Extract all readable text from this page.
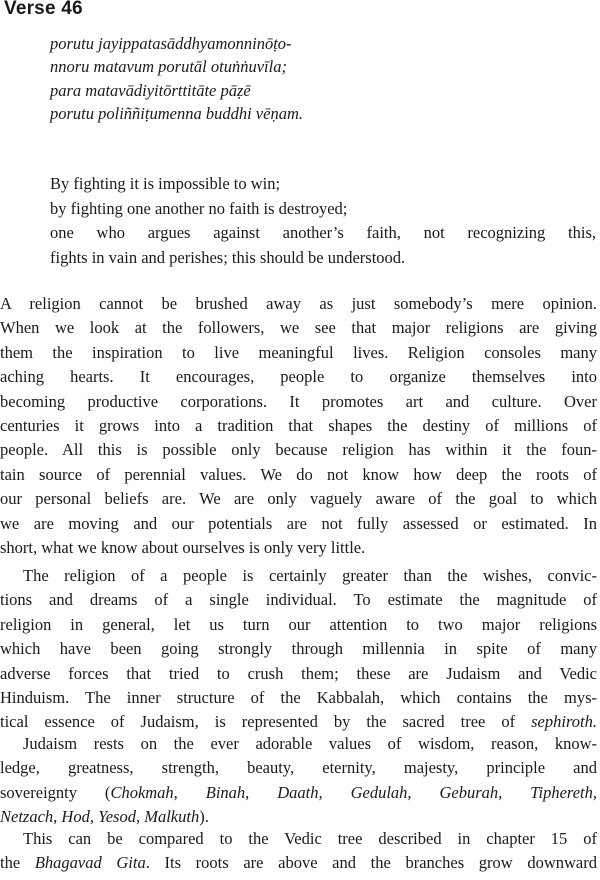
Verse 46
porutu jayippatasāddhyamonninōṭo-
nnoru matavum porutāl otuṅṅuvīla;
para matavādiyitōrttitāte pāẓē
porutu poliññiṭumenna buddhi vēṇam.
By fighting it is impossible to win;
by fighting one another no faith is destroyed;
one who argues against another’s faith, not recognizing this,
fights in vain and perishes; this should be understood.
A religion cannot be brushed away as just somebody’s mere opinion.
When we look at the followers, we see that major religions are giving
them the inspiration to live meaningful lives. Religion consoles many
aching hearts. It encourages, people to organize themselves into
becoming productive corporations. It promotes art and culture. Over
centuries it grows into a tradition that shapes the destiny of millions of
people. All this is possible only because religion has within it the foun-
tain source of perennial values. We do not know how deep the roots of
our personal beliefs are. We are only vaguely aware of the goal to which
we are moving and our potentials are not fully assessed or estimated. In
short, what we know about ourselves is only very little.
The religion of a people is certainly greater than the wishes, convic-
tions and dreams of a single individual. To estimate the magnitude of
religion in general, let us turn our attention to two major religions
which have been going strongly through millennia in spite of many
adverse forces that tried to crush them; these are Judaism and Vedic
Hinduism. The inner structure of the Kabbalah, which contains the mys-
tical essence of Judaism, is represented by the sacred tree of sephiroth.
Judaism rests on the ever adorable values of wisdom, reason, know-
ledge, greatness, strength, beauty, eternity, majesty, principle and
sovereignty (Chokmah, Binah, Daath, Gedulah, Geburah, Tiphereth,
Netzach, Hod, Yesod, Malkuth).
This can be compared to the Vedic tree described in chapter 15 of
the Bhagavad Gita. Its roots are above and the branches grow downward
